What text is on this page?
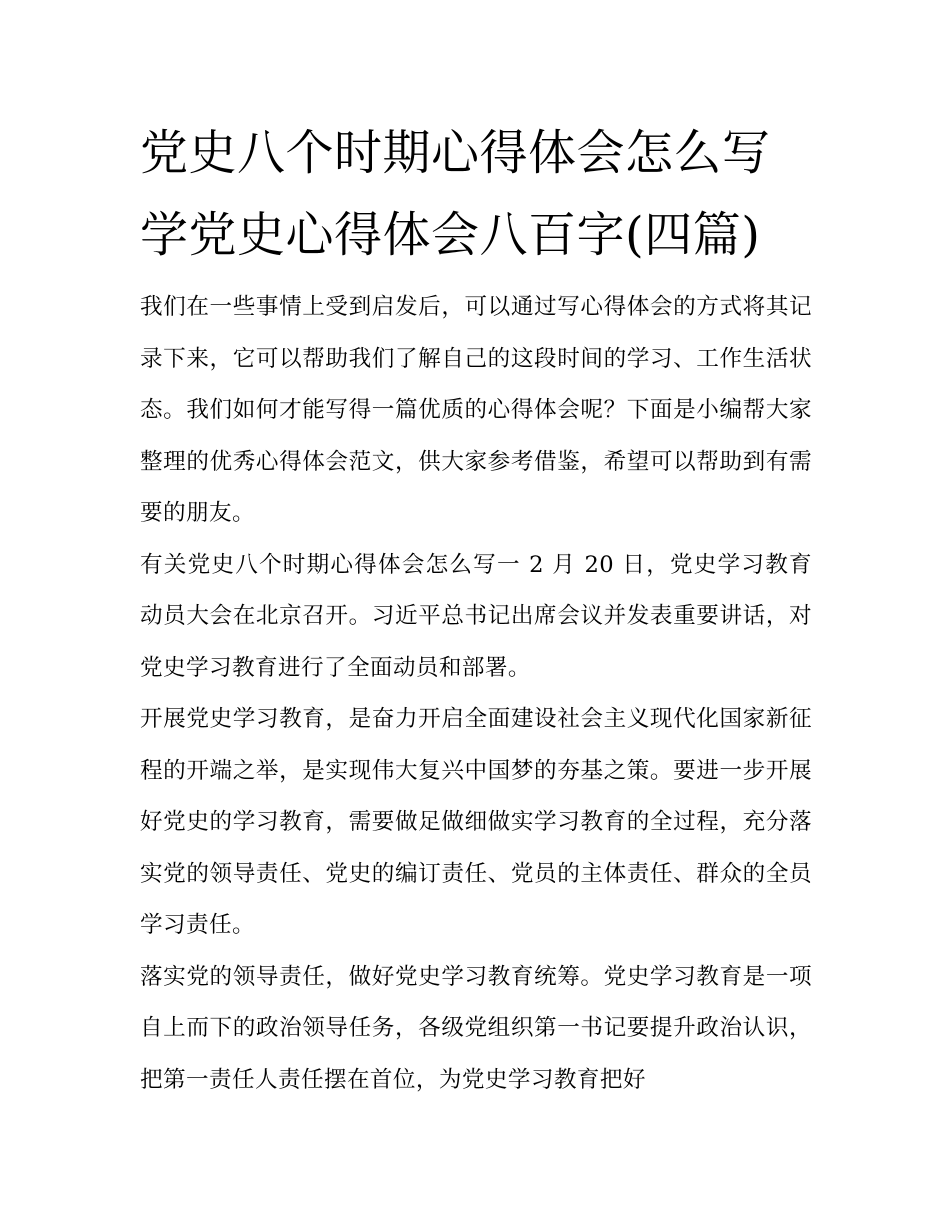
党史八个时期心得体会怎么写
学党史心得体会八百字(四篇)

我们在一些事情上受到启发后，可以通过写心得体会的方式将其记录下来，它可以帮助我们了解自己的这段时间的学习、工作生活状态。我们如何才能写得一篇优质的心得体会呢？下面是小编帮大家整理的优秀心得体会范文，供大家参考借鉴，希望可以帮助到有需要的朋友。

有关党史八个时期心得体会怎么写一 2 月 20 日，党史学习教育动员大会在北京召开。习近平总书记出席会议并发表重要讲话，对党史学习教育进行了全面动员和部署。

开展党史学习教育，是奋力开启全面建设社会主义现代化国家新征程的开端之举，是实现伟大复兴中国梦的夯基之策。要进一步开展好党史的学习教育，需要做足做细做实学习教育的全过程，充分落实党的领导责任、党史的编订责任、党员的主体责任、群众的全员学习责任。

落实党的领导责任，做好党史学习教育统筹。党史学习教育是一项自上而下的政治领导任务，各级党组织第一书记要提升政治认识，把第一责任人责任摆在首位，为党史学习教育把好
